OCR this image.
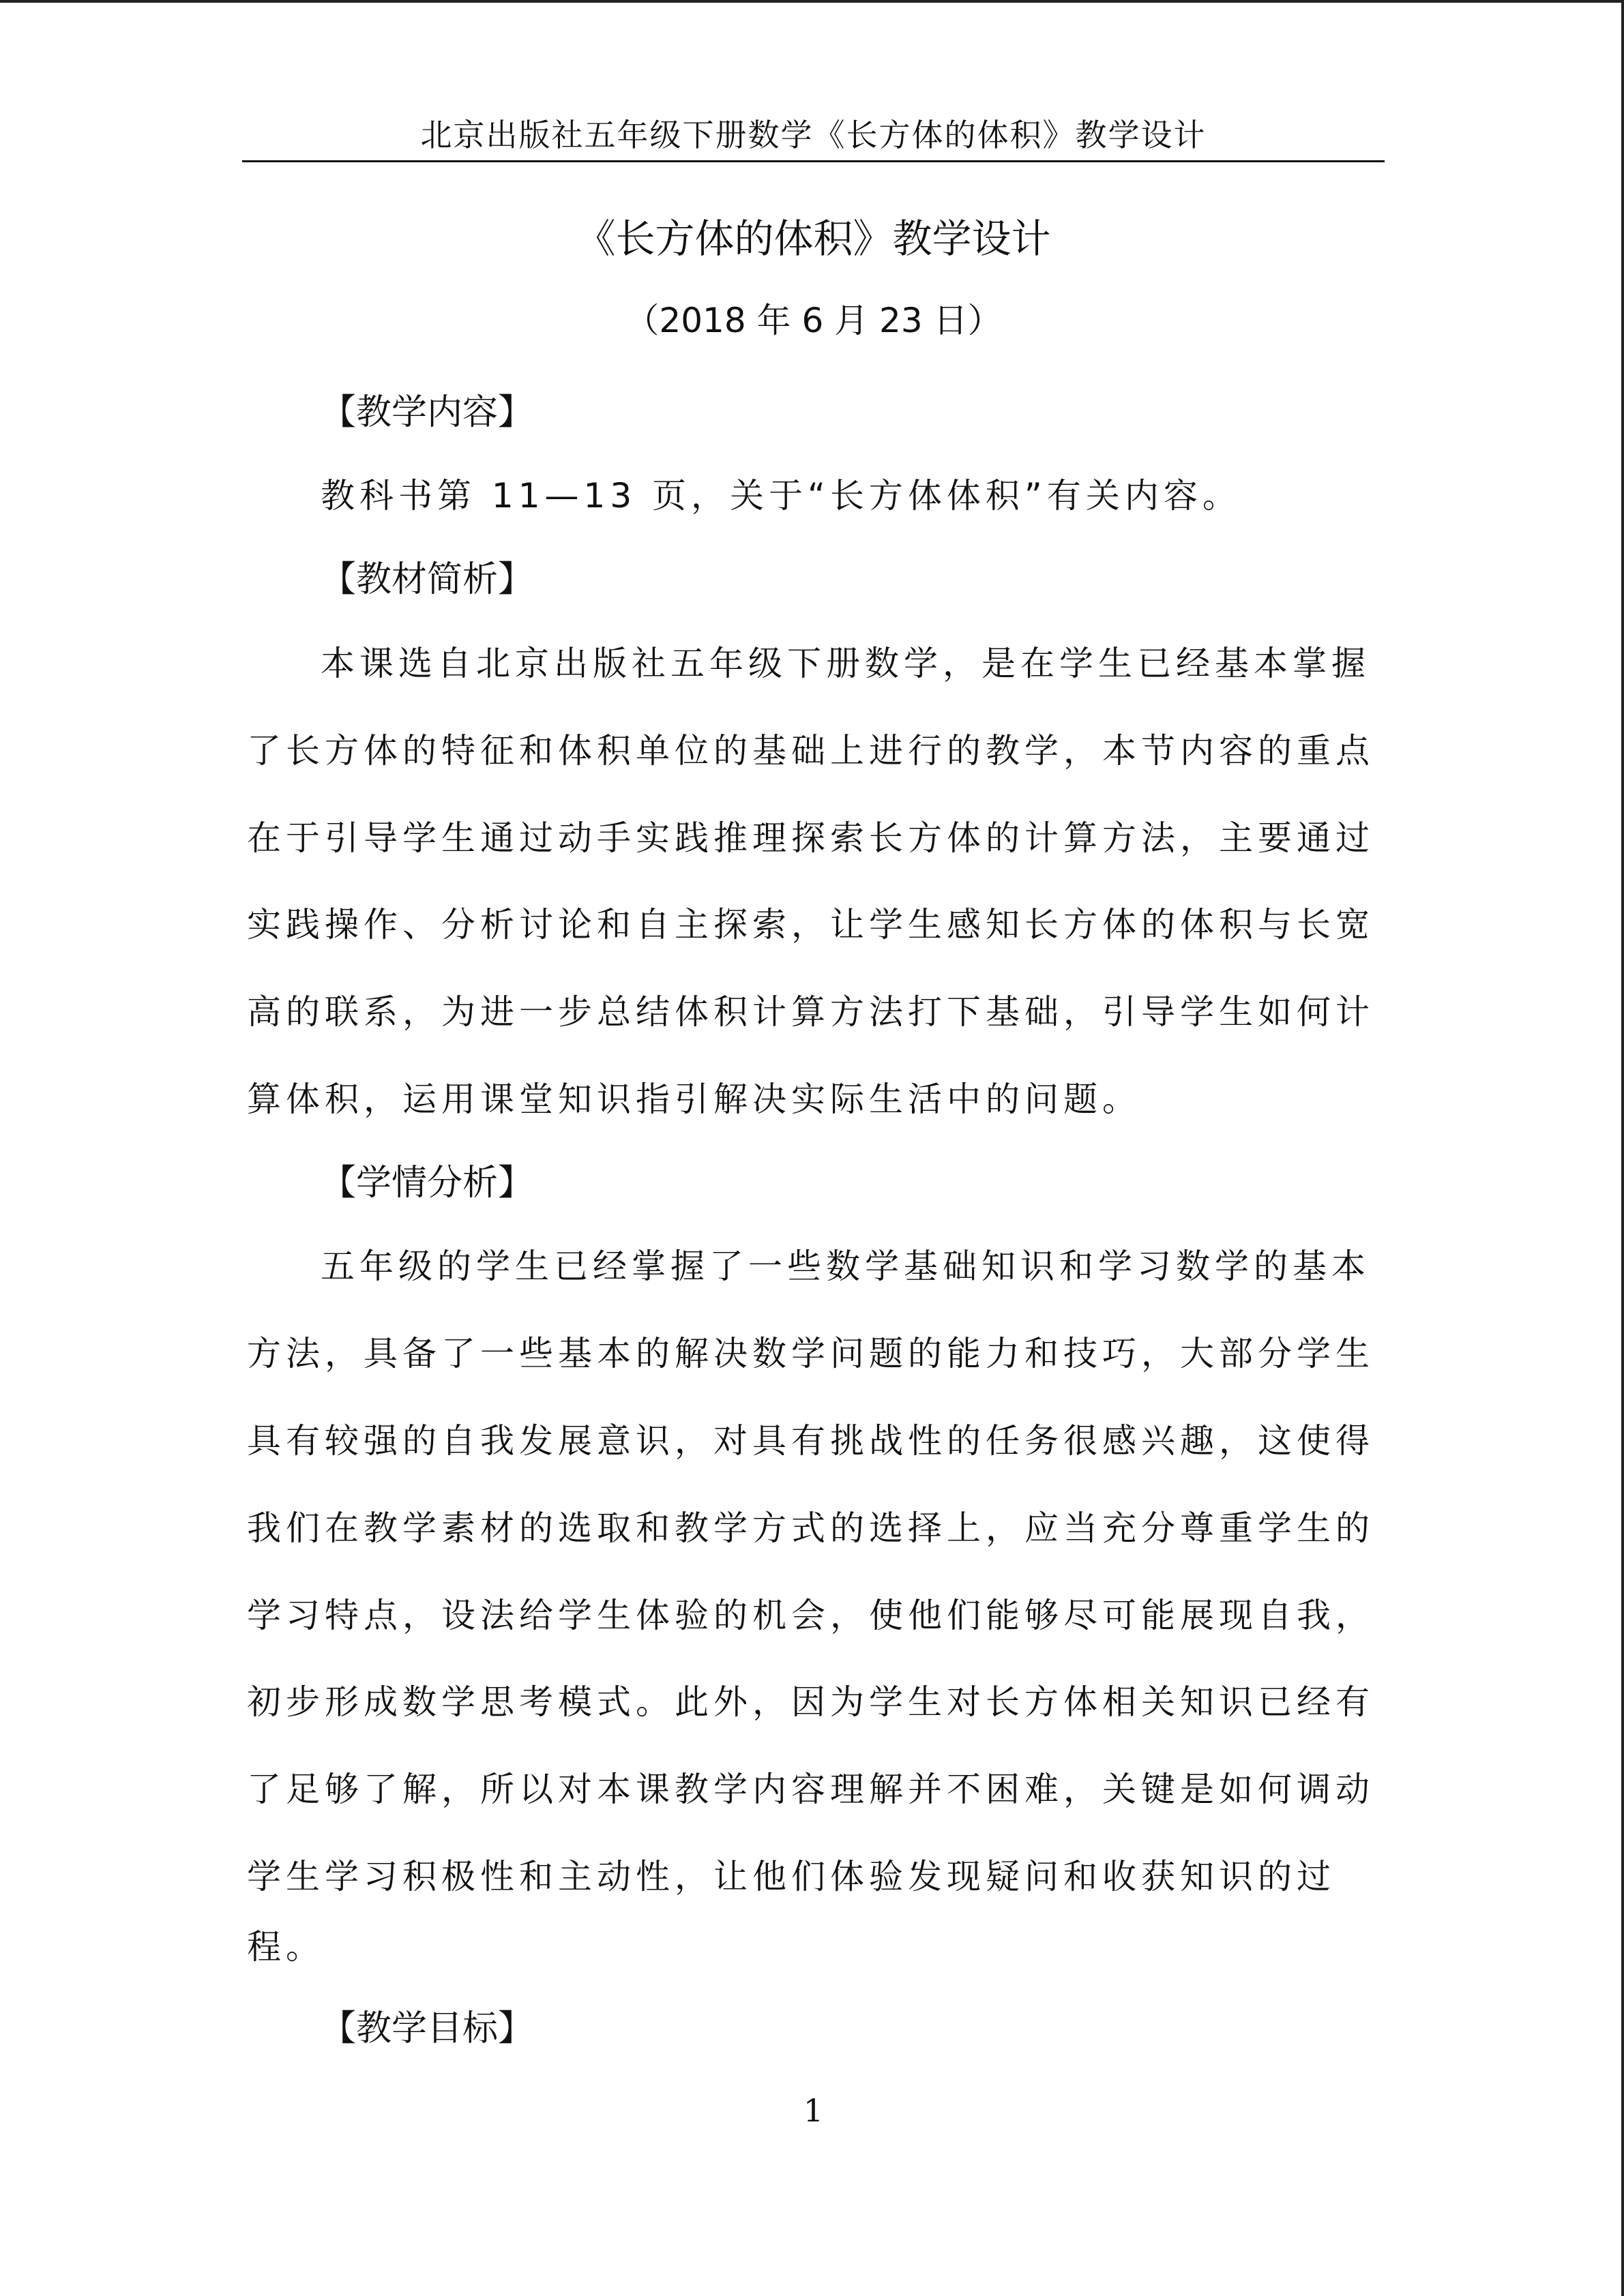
北京出版社五年级下册数学《长方体的体积》教学设计
《长方体的体积》教学设计
（2018 年 6 月 23 日）
【教学内容】
教科书第 11—13 页，关于“长方体体积”有关内容。
【教材简析】
本课选自北京出版社五年级下册数学，是在学生已经基本掌握
了长方体的特征和体积单位的基础上进行的教学，本节内容的重点
在于引导学生通过动手实践推理探索长方体的计算方法，主要通过
实践操作、分析讨论和自主探索，让学生感知长方体的体积与长宽
高的联系，为进一步总结体积计算方法打下基础，引导学生如何计
算体积，运用课堂知识指引解决实际生活中的问题。
【学情分析】
五年级的学生已经掌握了一些数学基础知识和学习数学的基本
方法，具备了一些基本的解决数学问题的能力和技巧，大部分学生
具有较强的自我发展意识，对具有挑战性的任务很感兴趣，这使得
我们在教学素材的选取和教学方式的选择上，应当充分尊重学生的
学习特点，设法给学生体验的机会，使他们能够尽可能展现自我，
初步形成数学思考模式。此外，因为学生对长方体相关知识已经有
了足够了解，所以对本课教学内容理解并不困难，关键是如何调动
学生学习积极性和主动性，让他们体验发现疑问和收获知识的过
程。
【教学目标】
1
